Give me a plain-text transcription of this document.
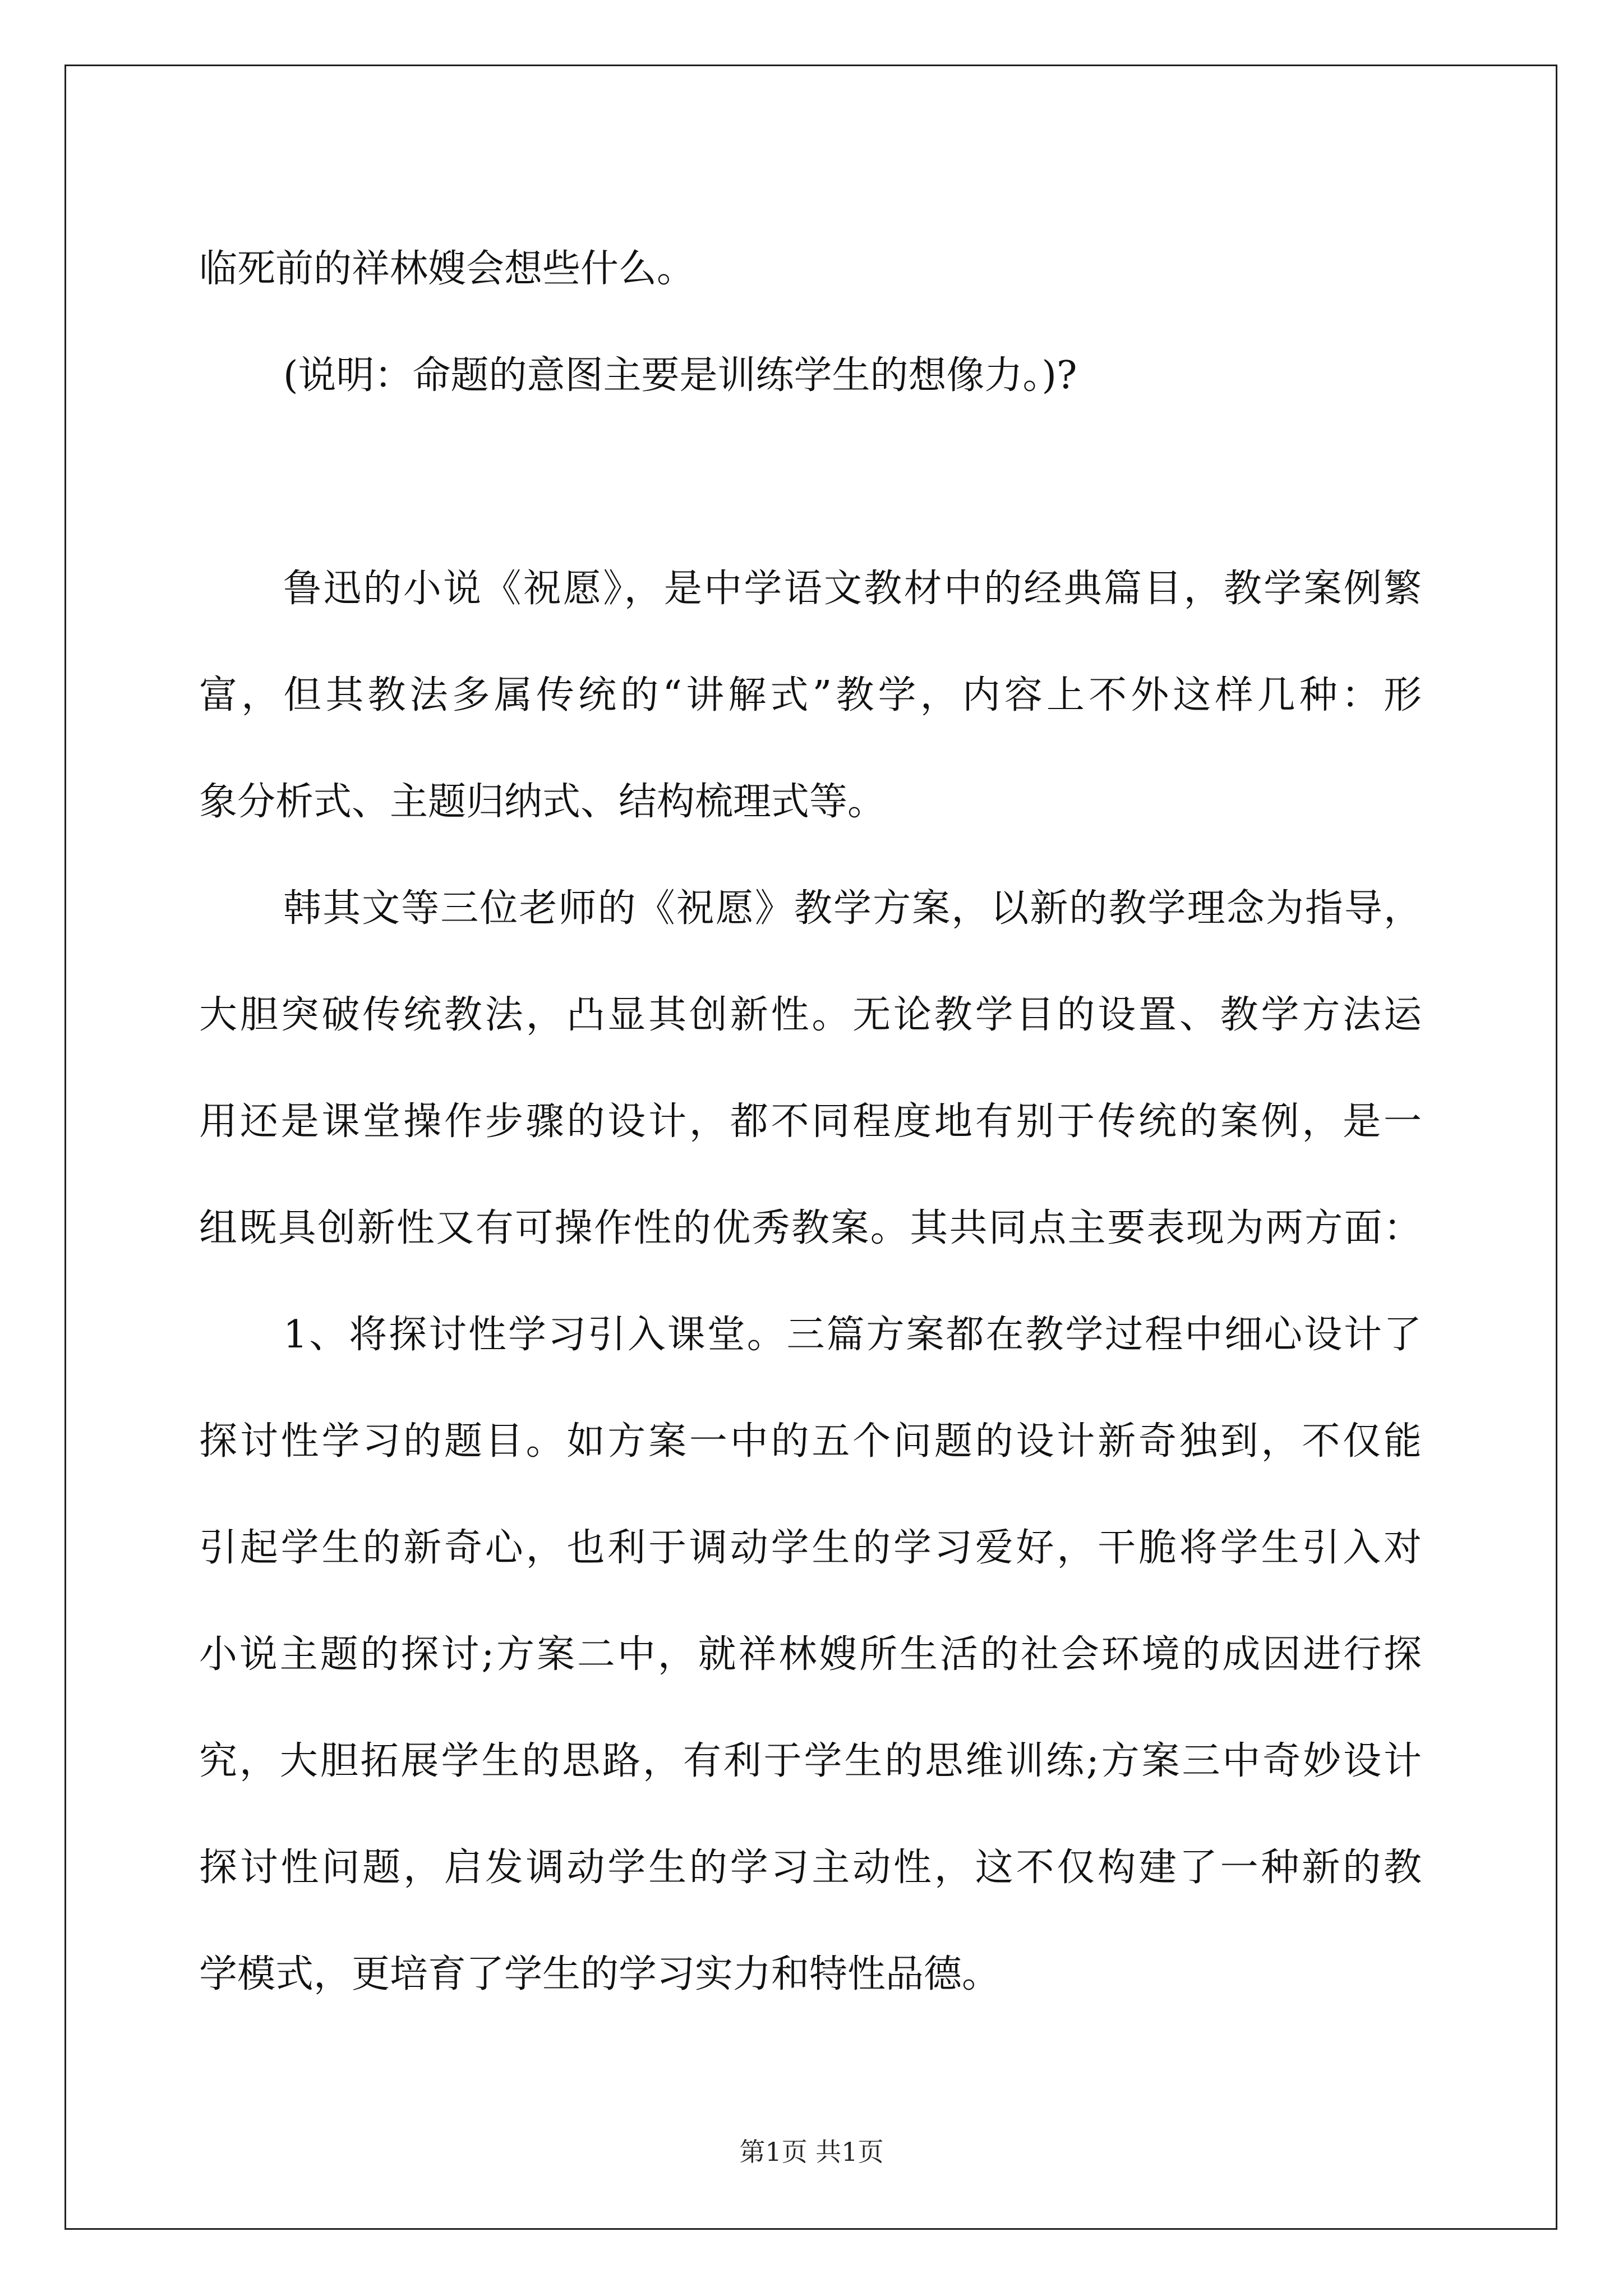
临死前的祥林嫂会想些什么。
(说明：命题的意图主要是训练学生的想像力。)?
鲁迅的小说《祝愿》，是中学语文教材中的经典篇目，教学案例繁
富，但其教法多属传统的“讲解式”教学，内容上不外这样几种：形
象分析式、主题归纳式、结构梳理式等。
韩其文等三位老师的《祝愿》教学方案，以新的教学理念为指导，
大胆突破传统教法，凸显其创新性。无论教学目的设置、教学方法运
用还是课堂操作步骤的设计，都不同程度地有别于传统的案例，是一
组既具创新性又有可操作性的优秀教案。其共同点主要表现为两方面：
1、将探讨性学习引入课堂。三篇方案都在教学过程中细心设计了
探讨性学习的题目。如方案一中的五个问题的设计新奇独到，不仅能
引起学生的新奇心，也利于调动学生的学习爱好，干脆将学生引入对
小说主题的探讨;方案二中，就祥林嫂所生活的社会环境的成因进行探
究，大胆拓展学生的思路，有利于学生的思维训练;方案三中奇妙设计
探讨性问题，启发调动学生的学习主动性，这不仅构建了一种新的教
学模式，更培育了学生的学习实力和特性品德。
第1页 共1页
